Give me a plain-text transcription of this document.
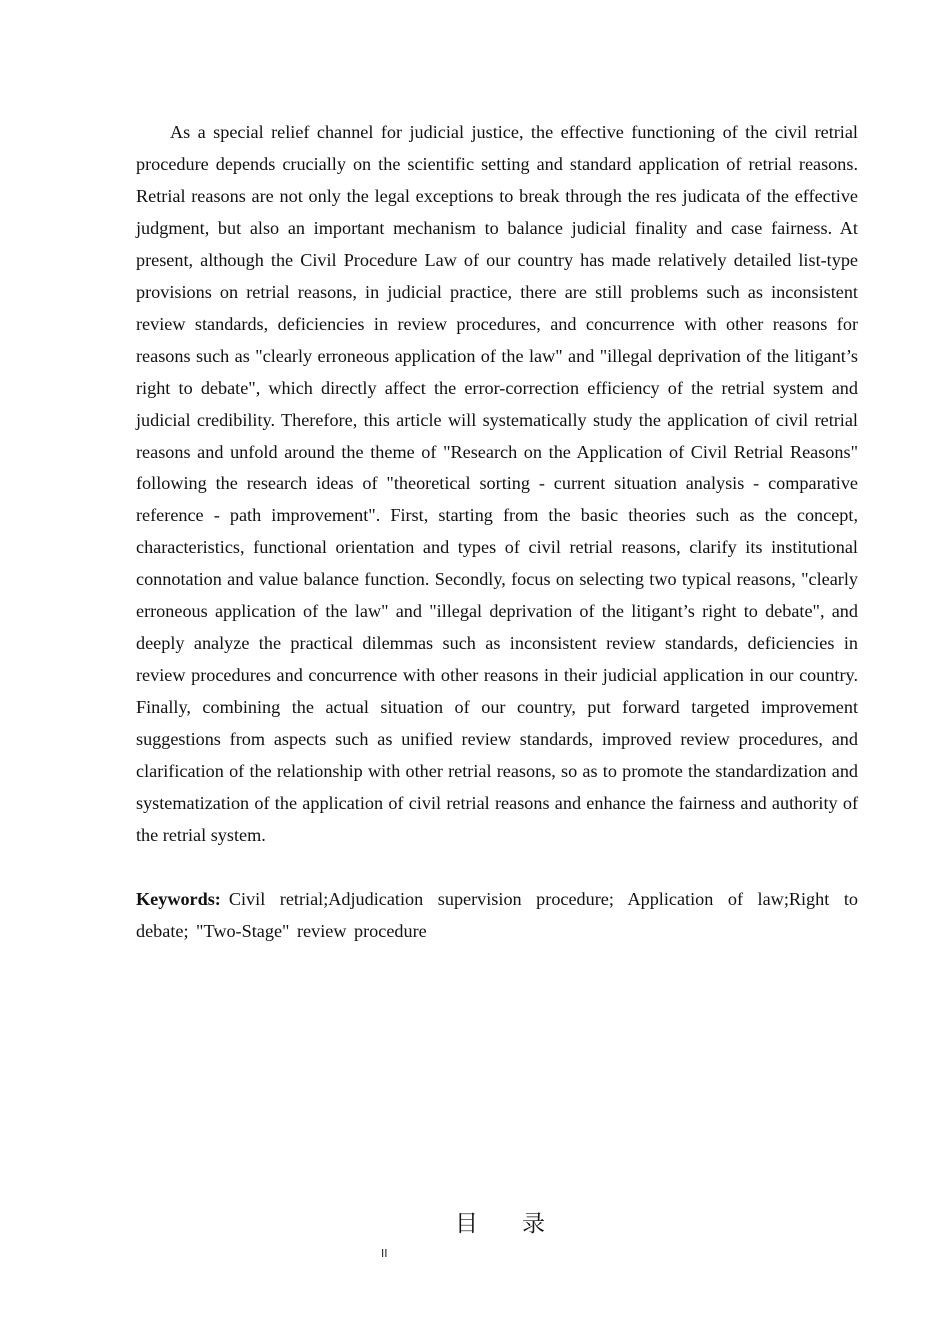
As a special relief channel for judicial justice, the effective functioning of the civil retrial procedure depends crucially on the scientific setting and standard application of retrial reasons. Retrial reasons are not only the legal exceptions to break through the res judicata of the effective judgment, but also an important mechanism to balance judicial finality and case fairness. At present, although the Civil Procedure Law of our country has made relatively detailed list-type provisions on retrial reasons, in judicial practice, there are still problems such as inconsistent review standards, deficiencies in review procedures, and concurrence with other reasons for reasons such as "clearly erroneous application of the law" and "illegal deprivation of the litigant’s right to debate", which directly affect the error-correction efficiency of the retrial system and judicial credibility. Therefore, this article will systematically study the application of civil retrial reasons and unfold around the theme of "Research on the Application of Civil Retrial Reasons" following the research ideas of "theoretical sorting - current situation analysis - comparative reference - path improvement". First, starting from the basic theories such as the concept, characteristics, functional orientation and types of civil retrial reasons, clarify its institutional connotation and value balance function. Secondly, focus on selecting two typical reasons, "clearly erroneous application of the law" and "illegal deprivation of the litigant’s right to debate", and deeply analyze the practical dilemmas such as inconsistent review standards, deficiencies in review procedures and concurrence with other reasons in their judicial application in our country. Finally, combining the actual situation of our country, put forward targeted improvement suggestions from aspects such as unified review standards, improved review procedures, and clarification of the relationship with other retrial reasons, so as to promote the standardization and systematization of the application of civil retrial reasons and enhance the fairness and authority of the retrial system.

Keywords: Civil retrial;Adjudication supervision procedure; Application of law;Right to debate; "Two-Stage" review procedure

目 录
II
